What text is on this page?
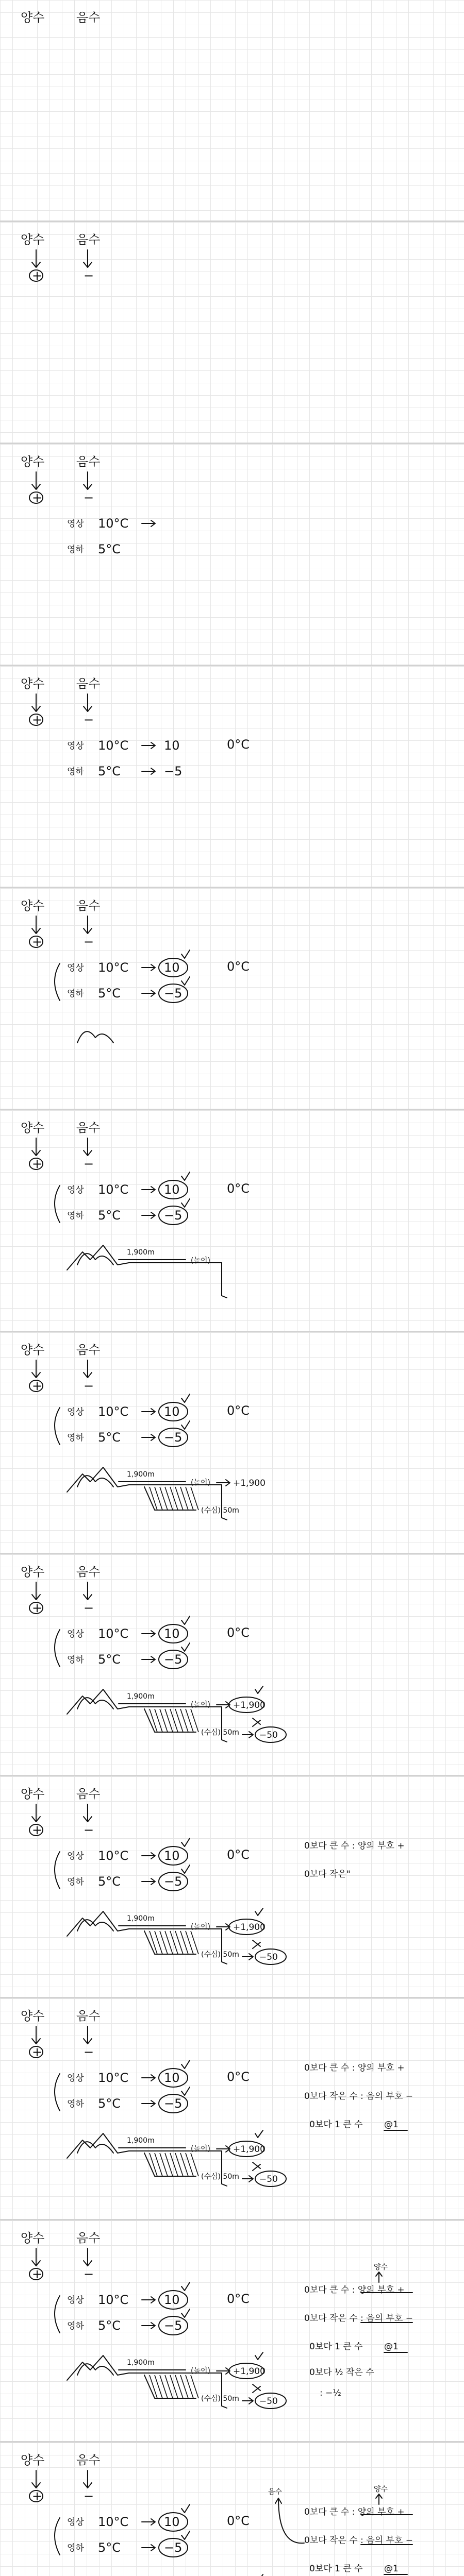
양수	음수
양수	음수
+	−
양수	음수
+	−
영상 10°C
영하 5°C
양수	음수
+	−
영상 10°C
영하 5°C
10
−5
0°C
양수	음수
+	−
영상 10°C
영하 5°C
10
−5
0°C
양수	음수
+	−
영상 10°C
영하 5°C
10
−5
0°C
1,900m
(높이)
양수	음수
+	−
영상 10°C
영하 5°C
10
−5
0°C
1,900m
(높이)	+1,900
(수심) 50m
양수	음수
+	−
영상 10°C
영하 5°C
10
−5
0°C
1,900m
(높이)	+1,900
(수심) 50m −50
양수	음수
+	−
영상 10°C
영하 5°C
10
−5
0°C
1,900m
(높이)	+1,900
(수심) 50m −50
0보다 큰 수 : 양의 부호 +
0보다 작은"
양수	음수
+	−
영상 10°C
영하 5°C
10
−5
0°C
1,900m
(높이)	+1,900
(수심) 50m −50
0보다 큰 수 : 양의 부호 +
0보다 작은 수 : 음의 부호 −
0보다 1 큰 수 @1
양수	음수
+	−
영상 10°C
영하 5°C
10
−5
0°C
1,900m
(높이)	+1,900
(수심) 50m −50
0보다 큰 수 : 양의 부호 +
0보다 작은 수 : 음의 부호 −
0보다 1 큰 수 @1
0보다 ½ 작은 수
: −½
양수
양수	음수
+	−
영상 10°C
영하 5°C
10
−5
0°C
0보다 큰 수 : 양의 부호 +
0보다 작은 수 : 음의 부호 −
0보다 1 큰 수 @1
양수
음수
